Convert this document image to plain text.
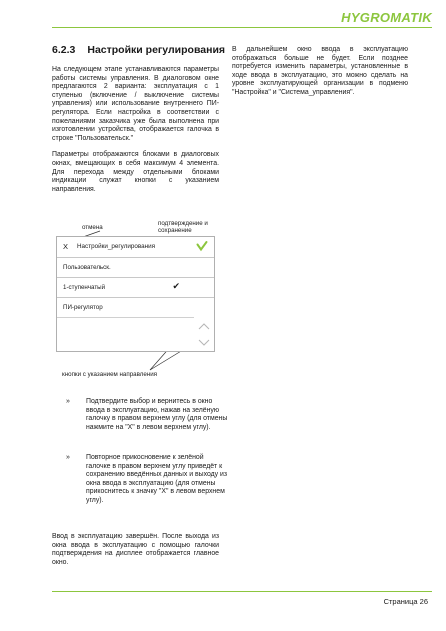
HYGROMATIK
6.2.3 Настройки регулирования

На следующем этапе устанавливаются параметры работы системы управления. В диалоговом окне предлагаются 2 варианта: эксплуатация с 1 ступенью (включение / выключение системы управления) или использование внутреннего ПИ-регулятора. Если настройка в соответствии с пожеланиями заказчика уже была выполнена при изготовлении устройства, отображается галочка в строке "Пользовательск."

Параметры отображаются блоками в диалоговых окнах, вмещающих в себя максимум 4 элемента. Для перехода между отдельными блоками индикации служат кнопки с указанием направления.

В дальнейшем окно ввода в эксплуатацию отображаться больше не будет. Если позднее потребуется изменить параметры, установленные в ходе ввода в эксплуатацию, это можно сделать на уровне эксплуатирующей организации в подменю "Настройка" и "Система_управления".

отмена
подтверждение и сохранение
X Настройки_регулирования
Пользовательск.
1-ступенчатый	✔
ПИ-регулятор
кнопки с указанием направления
» Подтвердите выбор и вернитесь в окно ввода в эксплуатацию, нажав на зелёную галочку в правом верхнем углу (для отмены нажмите на "X" в левом верхнем углу).
» Повторное прикосновение к зелёной галочке в правом верхнем углу приведёт к сохранению введённых данных и выходу из окна ввода в эксплуатацию (для отмены прикоснитесь к значку "X" в левом верхнем углу).
Ввод в эксплуатацию завершён. После выхода из окна ввода в эксплуатацию с помощью галочки подтверждения на дисплее отображается главное окно.
Страница 26
